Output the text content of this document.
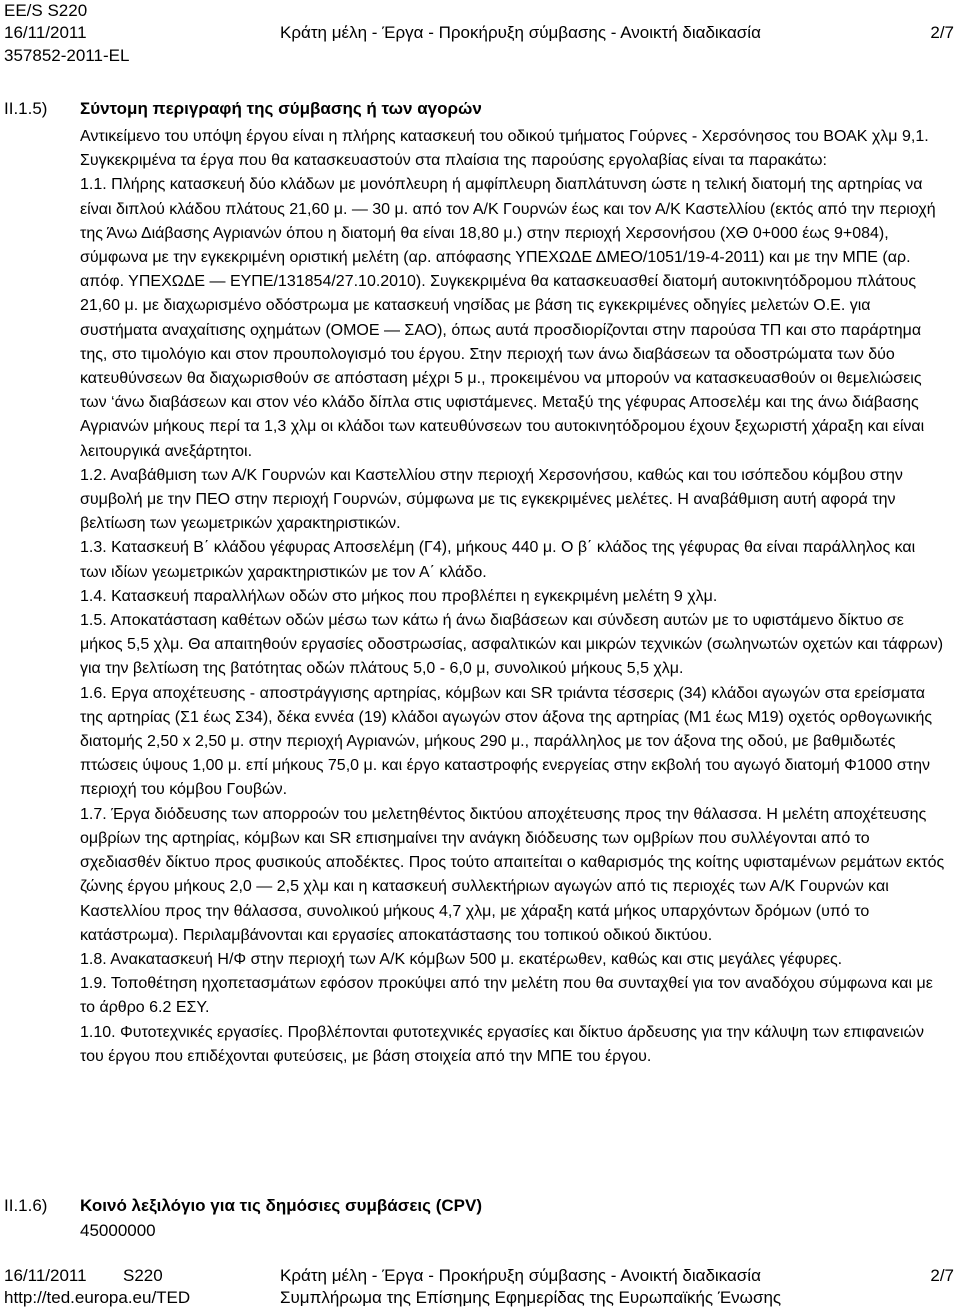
EE/S S220
16/11/2011	Κράτη μέλη - Έργα - Προκήρυξη σύμβασης - Ανοικτή διαδικασία	2/7
357852-2011-EL
II.1.5) Σύντομη περιγραφή της σύμβασης ή των αγορών

Αντικείμενο του υπόψη έργου είναι η πλήρης κατασκευή του οδικού τμήματος Γούρνες - Χερσόνησος του ΒΟΑΚ χλμ 9,1. Συγκεκριμένα τα έργα που θα κατασκευαστούν στα πλαίσια της παρούσης εργολαβίας είναι τα παρακάτω:

1.1. Πλήρης κατασκευή δύο κλάδων με μονόπλευρη ή αμφίπλευρη διαπλάτυνση ώστε η τελική διατομή της αρτηρίας να είναι διπλού κλάδου πλάτους 21,60 μ. — 30 μ. από τον Α/Κ Γουρνών έως και τον Α/Κ Καστελλίου (εκτός από την περιοχή της Άνω Διάβασης Αγριανών όπου η διατομή θα είναι 18,80 μ.) στην περιοχή Χερσονήσου (ΧΘ 0+000 έως 9+084), σύμφωνα με την εγκεκριμένη οριστική μελέτη (αρ. απόφασης ΥΠΕΧΩΔΕ ΔΜΕΟ/1051/19-4-2011) και με την ΜΠΕ (αρ. απόφ. ΥΠΕΧΩΔΕ — ΕΥΠΕ/131854/27.10.2010). Συγκεκριμένα θα κατασκευασθεί διατομή αυτοκινητόδρομου πλάτους 21,60 μ. με διαχωρισμένο οδόστρωμα με κατασκευή νησίδας με βάση τις εγκεκριμένες οδηγίες μελετών Ο.Ε. για συστήματα αναχαίτισης οχημάτων (ΟΜΟΕ — ΣΑΟ), όπως αυτά προσδιορίζονται στην παρούσα ΤΠ και στο παράρτημα της, στο τιμολόγιο και στον προυπολογισμό του έργου. Στην περιοχή των άνω διαβάσεων τα οδοστρώματα των δύο κατευθύνσεων θα διαχωρισθούν σε απόσταση μέχρι 5 μ., προκειμένου να μπορούν να κατασκευασθούν οι θεμελιώσεις των ‘άνω διαβάσεων και στον νέο κλάδο δίπλα στις υφιστάμενες. Μεταξύ της γέφυρας Αποσελέμ και της άνω διάβασης Αγριανών μήκους περί τα 1,3 χλμ οι κλάδοι των κατευθύνσεων του αυτοκινητόδρομου έχουν ξεχωριστή χάραξη και είναι λειτουργικά ανεξάρτητοι.

1.2. Αναβάθμιση των Α/Κ Γουρνών και Καστελλίου στην περιοχή Χερσονήσου, καθώς και του ισόπεδου κόμβου στην συμβολή με την ΠΕΟ στην περιοχή Γουρνών, σύμφωνα με τις εγκεκριμένες μελέτες. Η αναβάθμιση αυτή αφορά την βελτίωση των γεωμετρικών χαρακτηριστικών.

1.3. Κατασκευή Β΄ κλάδου γέφυρας Αποσελέμη (Γ4), μήκους 440 μ. Ο β΄ κλάδος της γέφυρας θα είναι παράλληλος και των ιδίων γεωμετρικών χαρακτηριστικών με τον Α΄ κλάδο.

1.4. Κατασκευή παραλλήλων οδών στο μήκος που προβλέπει η εγκεκριμένη μελέτη 9 χλμ.

1.5. Αποκατάσταση καθέτων οδών μέσω των κάτω ή άνω διαβάσεων και σύνδεση αυτών με το υφιστάμενο δίκτυο σε μήκος 5,5 χλμ. Θα απαιτηθούν εργασίες οδοστρωσίας, ασφαλτικών και μικρών τεχνικών (σωληνωτών οχετών και τάφρων) για την βελτίωση της βατότητας οδών πλάτους 5,0 - 6,0 μ, συνολικού μήκους 5,5 χλμ.

1.6. Εργα αποχέτευσης - αποστράγγισης αρτηρίας, κόμβων και SR τριάντα τέσσερις (34) κλάδοι αγωγών στα ερείσματα της αρτηρίας (Σ1 έως Σ34), δέκα εννέα (19) κλάδοι αγωγών στον άξονα της αρτηρίας (Μ1 έως Μ19) οχετός ορθογωνικής διατομής 2,50 x 2,50 μ. στην περιοχή Αγριανών, μήκους 290 μ., παράλληλος με τον άξονα της οδού, με βαθμιδωτές πτώσεις ύψους 1,00 μ. επί μήκους 75,0 μ. και έργο καταστροφής ενεργείας στην εκβολή του αγωγό διατομή Φ1000 στην περιοχή του κόμβου Γουβών.

1.7. Έργα διόδευσης των απορροών του μελετηθέντος δικτύου αποχέτευσης προς την θάλασσα. Η μελέτη αποχέτευσης ομβρίων της αρτηρίας, κόμβων και SR επισημαίνει την ανάγκη διόδευσης των ομβρίων που συλλέγονται από το σχεδιασθέν δίκτυο προς φυσικούς αποδέκτες. Προς τούτο απαιτείται ο καθαρισμός της κοίτης υφισταμένων ρεμάτων εκτός ζώνης έργου μήκους 2,0 — 2,5 χλμ και η κατασκευή συλλεκτήριων αγωγών από τις περιοχές των Α/Κ Γουρνών και Καστελλίου προς την θάλασσα, συνολικού μήκους 4,7 χλμ, με χάραξη κατά μήκος υπαρχόντων δρόμων (υπό το κατάστρωμα). Περιλαμβάνονται και εργασίες αποκατάστασης του τοπικού οδικού δικτύου.

1.8. Ανακατασκευή Η/Φ στην περιοχή των Α/Κ κόμβων 500 μ. εκατέρωθεν, καθώς και στις μεγάλες γέφυρες.

1.9. Τοποθέτηση ηχοπετασμάτων εφόσον προκύψει από την μελέτη που θα συνταχθεί για τον αναδόχου σύμφωνα και με το άρθρο 6.2 ΕΣΥ.

1.10. Φυτοτεχνικές εργασίες. Προβλέπονται φυτοτεχνικές εργασίες και δίκτυο άρδευσης για την κάλυψη των επιφανειών του έργου που επιδέχονται φυτεύσεις, με βάση στοιχεία από την ΜΠΕ του έργου.

II.1.6) Κοινό λεξιλόγιο για τις δημόσιες συμβάσεις (CPV)
45000000
16/11/2011 S220	Κράτη μέλη - Έργα - Προκήρυξη σύμβασης - Ανοικτή διαδικασία	2/7
http://ted.europa.eu/TED	Συμπλήρωμα της Επίσημης Εφημερίδας της Ευρωπαϊκής Ένωσης
